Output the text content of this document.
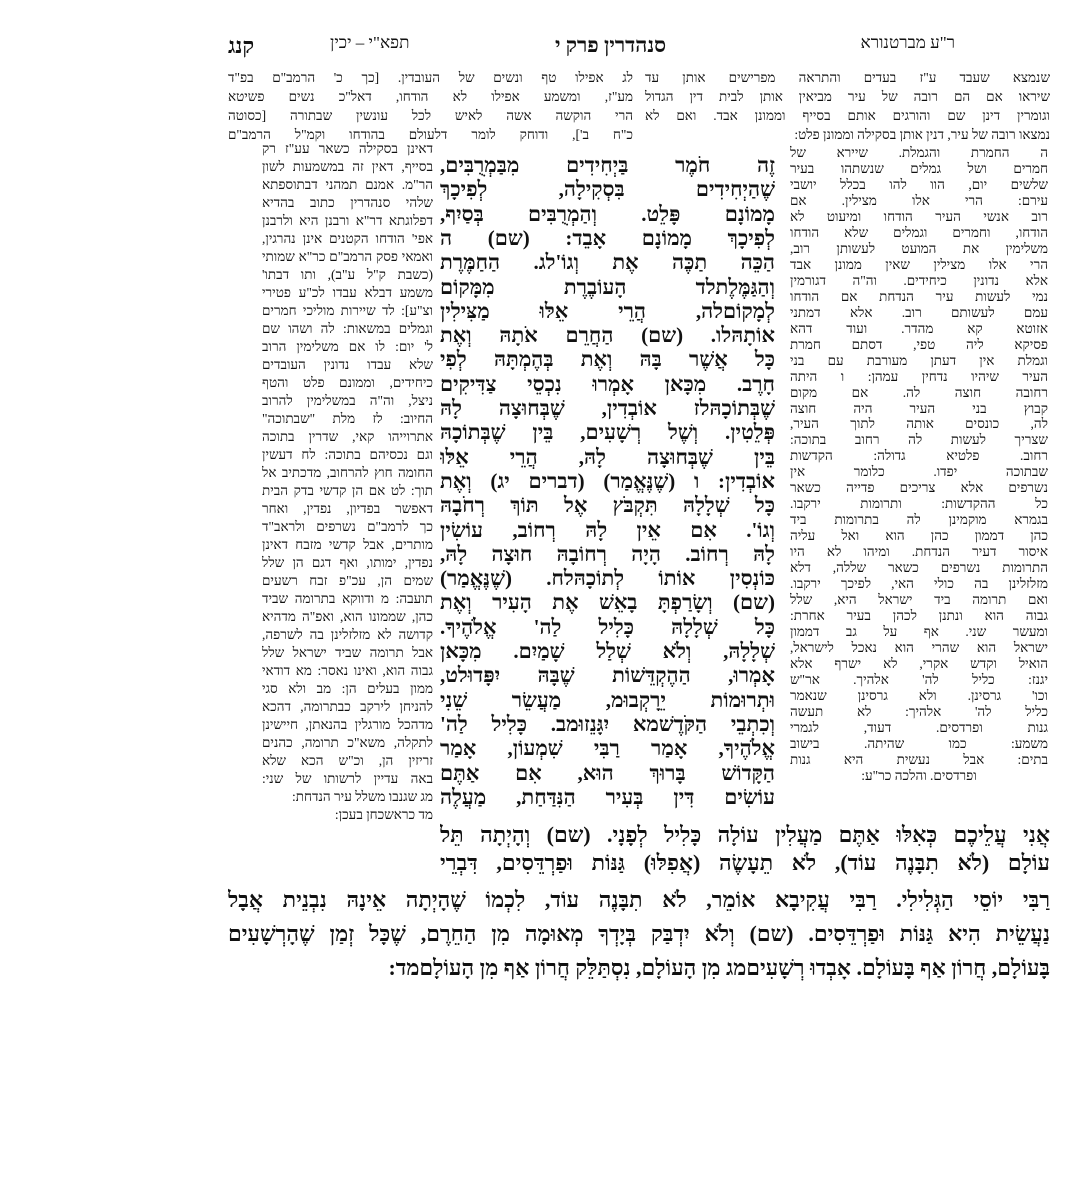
ר"ע מברטנורא
סנהדרין פרק י
תפא"י – יכין
קנג
שנמצא שעבד ע"ז בעדים והתראה מפרישים אותן עד
שיראו אם הם רובה של עיר מביאין אותן לבית דין הגדול
וגומרין דינן שם והורגים אותם בסייף וממונן אבד. ואם לא
נמצאו רובה של עיר, דנין אותן בסקילה וממונן פלט:
ה החמרת והגמלת. שיירא של
חמרים ושל גמלים שנשתהו בעיר
שלשים יום, הוו להו בכלל יושבי
עירם: הרי אלו מצילין. אם
רוב אנשי העיר הודחו ומיעוט לא
הודחו, וחמרים וגמלים שלא הודחו
משלימין את המועט לעשותן רוב,
הרי אלו מצילין שאין ממונן אבד
אלא נדונין כיחידים. וה"ה דגורמין
נמי לעשות עיר הנדחת אם הודחו
עמם לעשותם רוב. אלא דמתני
אזוטא קא מהדר. ועוד דהא
פסיקא ליה טפי, דסתם חמרת
וגמלת אין דעתן מעורבת עם בני
העיר שיהיו נדחין עמהן: ו היתה
רחובה חוצה לה. אם מקום
קבוץ בני העיר היה חוצה
לה, כונסים אותה לתוך העיר,
שצריך לעשות לה רחוב בתוכה:
רחוב. פלטיא גדולה: הקדשות
שבתוכה יפדו. כלומר אין
נשרפים אלא צריכים פדייה כשאר
כל ההקדשות: ותרומות ירקבו.
בגמרא מוקמינן לה בתרומות ביד
כהן דממון כהן הוא ואל עליה
איסור דעיר הנדחת. ומיהו לא היו
התרומות נשרפים כשאר שללה, דלא
מזלזלינן בה כולי האי, לפיכך ירקבו.
ואם תרומה ביד ישראל היא, שלל
גבוה הוא ונתנן לכהן בעיר אחרת:
ומעשר שני. אף על גב דממון
ישראל הוא שהרי הוא נאכל לישראל,
הואיל וקדש אקרי, לא ישרף אלא
יגנז: כליל לה' אלהיך. אר"ש
וכו' גרסינן. ולא גרסינן שנאמר
כליל לה' אלהיך: לא תעשה
גנות ופרדסים. דעוד, לגמרי
משמע: כמו שהיתה. בישוב
בתים: אבל נעשית היא גנות
ופרדסים. והלכה כר"ע:
לג אפילו טף ונשים של העובדין. [כך כ' הרמב"ם בפ"ד
מע"ז, ומשמע אפילו לא הודחו, דאל"כ נשים פשיטא
הרי הוקשה אשה לאיש לכל עונשין שבתורה [כסוטה
כ"ח ב'], ודוחק לומר דלעולם בהודחו וקמ"ל הרמב"ם
דאינן בסקילה כשאר עע"ז רק
בסייף, דאין זה במשמעות לשון
הר"מ. אמנם תמהני דבתוספתא
שלהי סנהדרין כתוב בהדיא
דפלוגתא דר"א ורבנן היא ולרבנן
אפי' הודחו הקטנים אינן נהרגין,
ואמאי פסק הרמב"ם כר"א שמותי
(כשבת ק"ל ע"ב), ותו דבתו'
משמע דבלא עבדו לכ"ע פטירי
וצ"ע]: לד שיירות מוליכי חמרים
וגמלים במשאות: לה ושהו שם
ל' יום: לו אם משלימין הרוב
שלא עבדו נדונין העובדים
כיחידים, וממונם פלט והטף
ניצל, וה"ה במשלימין להרוב
החיוב: לז מלת "שבתוכה"
אתרוייהו קאי, שדרין בתוכה
וגם נכסיהם בתוכה: לח דעשין
החומה חוץ להרחוב, מדכתיב אל
תוך: לט אם הן קדשי בדק הבית
דאפשר בפדיון, נפדין, ואחר
כך לרמב"ם נשרפים ולראב"ד
מותרים, אבל קדשי מזבח דאינן
נפדין, ימותו, ואף דגם הן שלל
שמים הן, עכ"פ זבח רשעים
תועבה: מ ודווקא בתרומה שביד
כהן, שממונו הוא, ואפ"ה מדהיא
קדושה לא מזלזלינן בה לשרפה,
אבל תרומה שביד ישראל שלל
גבוה הוא, ואינו נאסר: מא דודאי
ממון בעלים הן: מב ולא סגי
להניחן לירקב כבתרומה, דהכא
מדהכל מורגלין בהנאתן, חיישינן
לתקלה, משא"כ תרומה, כהנים
זריזין הן, וכ"ש הכא שלא
באה עדיין לרשותו של שני:
מג שגנבו משלל עיר הנדחת:
מד כראשכחן בעכן:
זֶה חֹמֶר בַּיְחִידִים מִבַּמְרֻבִּים,
שֶׁהַיְחִידִים בִּסְקִילָה, לְפִיכָךְ
מָמוֹנָם פָּלֵט. וְהַמְרֻבִּים בְּסַיִף,
לְפִיכָךְ מָמוֹנָם אָבֵד: (שם) ה
הַכֵּה תַכֶּה אֶת וְגוֹ'לג. הַחַמֶּרֶת
וְהַגַּמֶּלֶתלד הָעוֹבֶרֶת מִמָּקוֹם
לְמָקוֹםלה, הֲרֵי אֵלּוּ מַצִּילִין
אוֹתָהּלו. (שם) הַחֲרֵם אֹתָהּ וְאֶת
כָּל אֲשֶׁר בָּהּ וְאֶת בְּהֶמְתָּהּ לְפִי
חָרֶב. מִכָּאן אָמְרוּ נִכְסֵי צַדִּיקִים
שֶׁבְּתוֹכָהּלז אוֹבְדִין, שֶׁבְּחוּצָה לָהּ
פְּלֵטִין. וְשֶׁל רְשָׁעִים, בֵּין שֶׁבְּתוֹכָהּ
בֵּין שֶׁבְּחוּצָה לָהּ, הֲרֵי אֵלּוּ
אוֹבְדִין: ו (שֶׁנֶּאֱמַר) (דברים יג) וְאֶת
כָּל שְׁלָלָהּ תִּקְבֹּץ אֶל תּוֹךְ רְחֹבָהּ
וְגוֹ'. אִם אֵין לָהּ רְחוֹב, עוֹשִׂין
לָהּ רְחוֹב. הָיָה רְחוֹבָהּ חוּצָה לָהּ,
כּוֹנְסִין אוֹתוֹ לְתוֹכָהּלח. (שֶׁנֶּאֱמַר)
(שם) וְשָׂרַפְתָּ בָאֵשׁ אֶת הָעִיר וְאֶת
כָּל שְׁלָלָהּ כָּלִיל לַה' אֱלֹהֶיךָ.
שְׁלָלָהּ, וְלֹא שְׁלַל שָׁמַיִם. מִכָּאן
אָמְרוּ, הַהֶקְדֵּשׁוֹת שֶׁבָּהּ יִפָּדוּלט,
וּתְרוּמוֹת יֵרָקְבוּמ, מַעֲשֵׂר שֵׁנִי
וְכִתְבֵי הַקֹּדֶשׁמא יִגָּנֵזוּמב. כָּלִיל לַה'
אֱלֹהֶיךָ, אָמַר רַבִּי שִׁמְעוֹן, אָמַר
הַקָּדוֹשׁ בָּרוּךְ הוּא, אִם אַתֶּם
עוֹשִׂים דִּין בְּעִיר הַנִּדַּחַת, מַעֲלֶה
אֲנִי עֲלֵיכֶם כְּאִלּוּ אַתֶּם מַעֲלִין עוֹלָה כָּלִיל לְפָנָי. (שם) וְהָיְתָה תֵּל
עוֹלָם (לֹא תִבָּנֶה עוֹד), לֹא תֵעָשֶׂה (אֲפִלּוּ) גַּנּוֹת וּפַרְדֵּסִים, דִּבְרֵי
רַבִּי יוֹסֵי הַגְּלִילִי. רַבִּי עֲקִיבָא אוֹמֵר, לֹא תִבָּנֶה עוֹד, לִכְמוֹ שֶׁהָיְתָה אֵינָהּ נִבְנֵית אֲבָל
נַעֲשֵׂית הִיא גַּנּוֹת וּפַרְדֵּסִים. (שם) וְלֹא יִדְבַּק בְּיָדְךָ מְאוּמָה מִן הַחֵרֶם, שֶׁכָּל זְמַן שֶׁהָרְשָׁעִים
בָּעוֹלָם, חֲרוֹן אַף בָּעוֹלָם. אָבְדוּ רְשָׁעִיםמג מִן הָעוֹלָם, נִסְתַּלֵּק חֲרוֹן אַף מִן הָעוֹלָםמד:
